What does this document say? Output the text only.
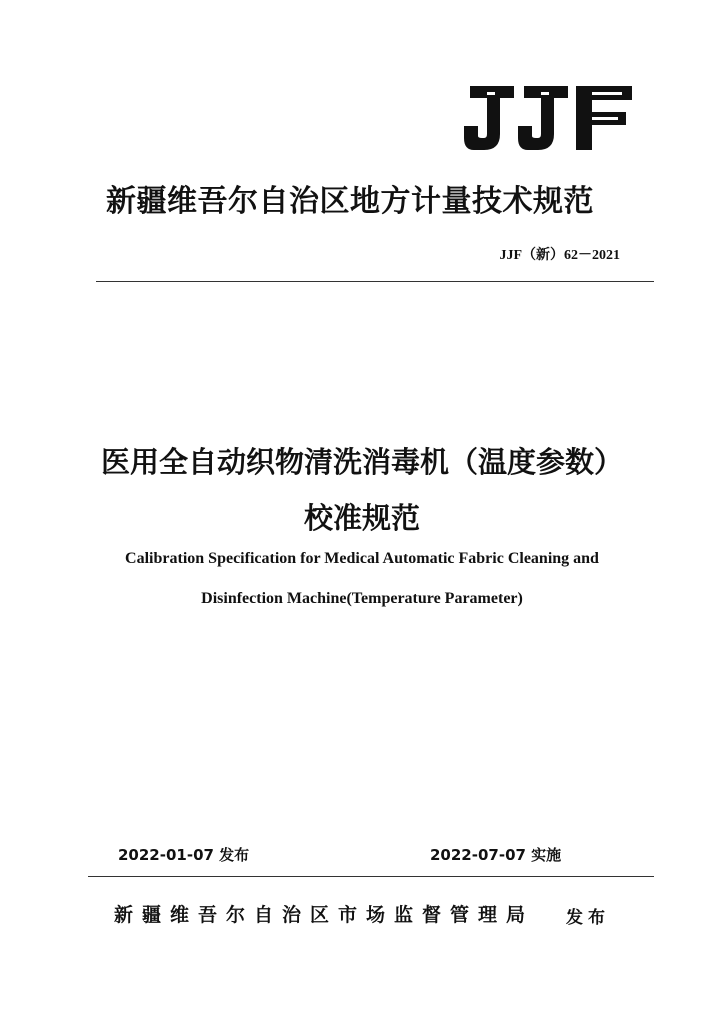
新疆维吾尔自治区地方计量技术规范
JJF（新）62－2021
医用全自动织物清洗消毒机（温度参数）
校准规范
Calibration Specification for Medical Automatic Fabric Cleaning and
Disinfection Machine(Temperature Parameter)
2022-01-07 发布	2022-07-07 实施
新疆维吾尔自治区市场监督管理局 发布
